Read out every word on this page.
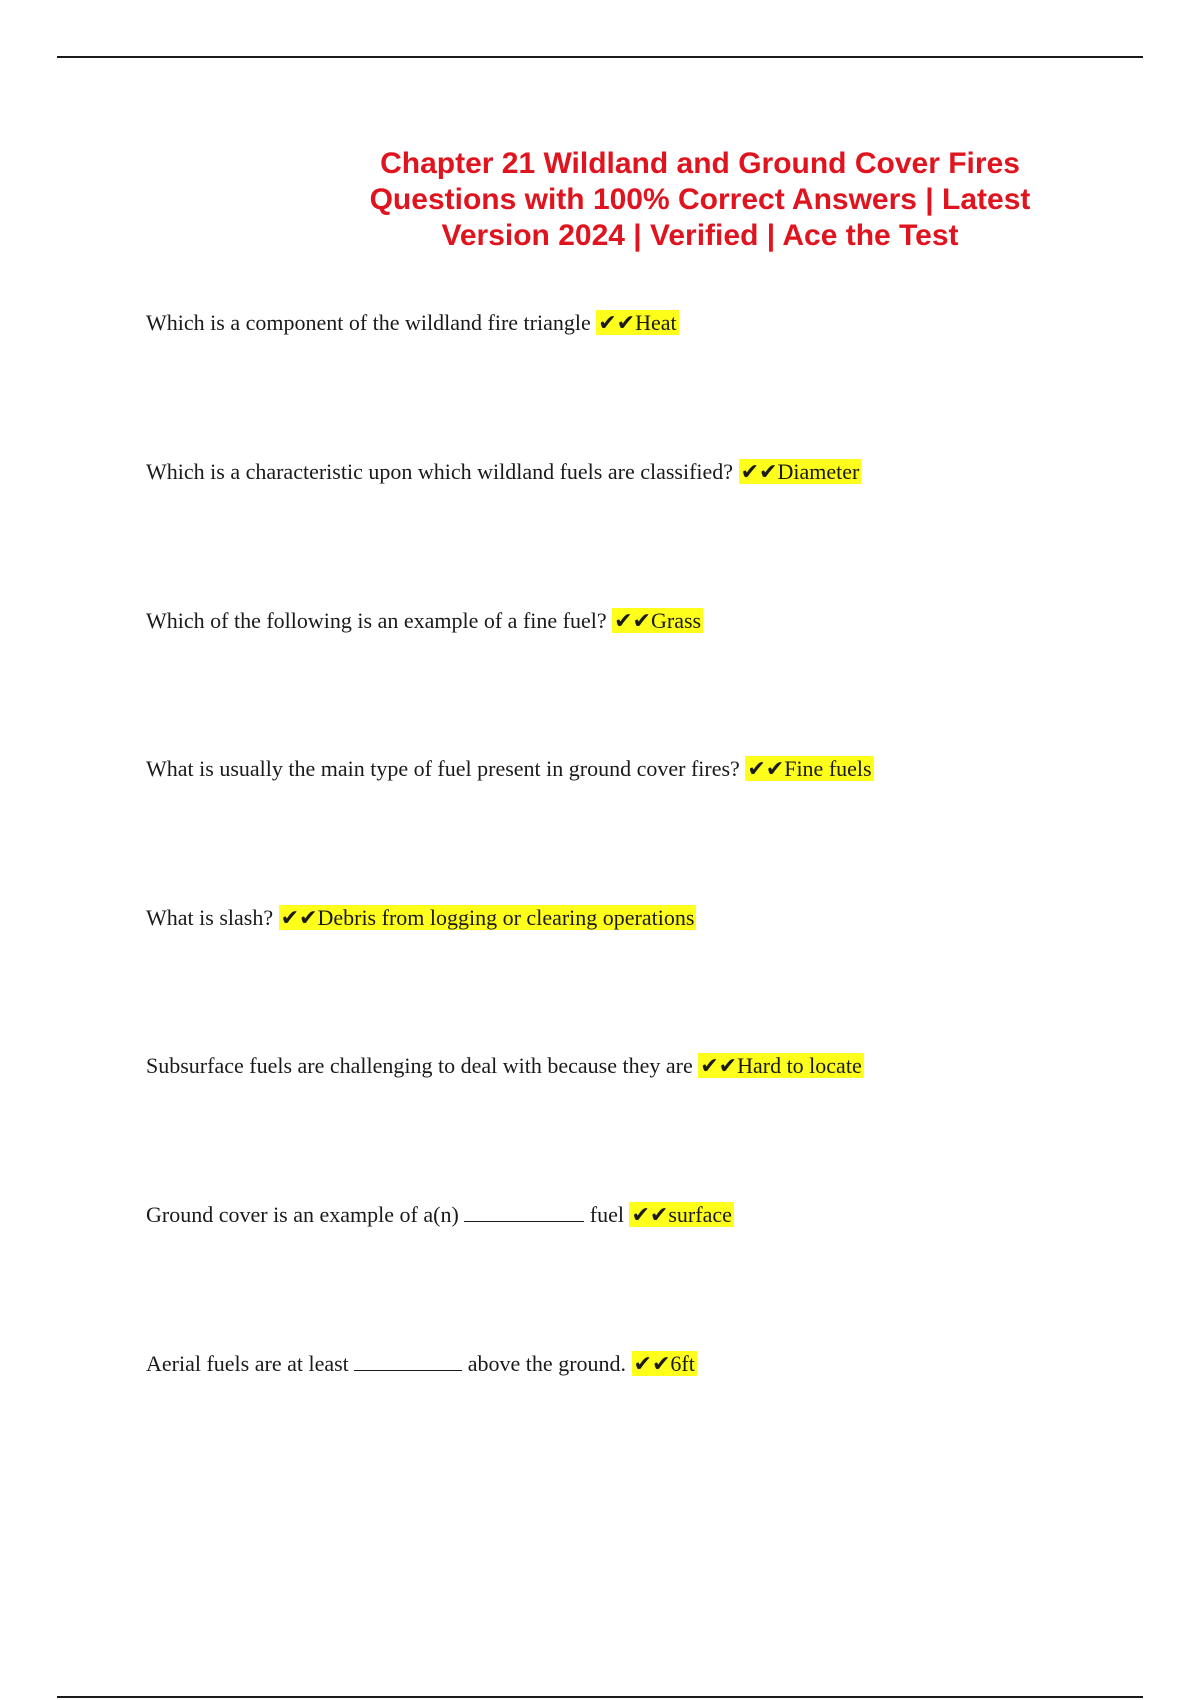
Chapter 21 Wildland and Ground Cover Fires
Questions with 100% Correct Answers | Latest
Version 2024 | Verified | Ace the Test
Which is a component of the wildland fire triangle ✔✔Heat
Which is a characteristic upon which wildland fuels are classified? ✔✔Diameter
Which of the following is an example of a fine fuel? ✔✔Grass
What is usually the main type of fuel present in ground cover fires? ✔✔Fine fuels
What is slash? ✔✔Debris from logging or clearing operations
Subsurface fuels are challenging to deal with because they are ✔✔Hard to locate
Ground cover is an example of a(n)	fuel ✔✔surface
Aerial fuels are at least	above the ground. ✔✔6ft
